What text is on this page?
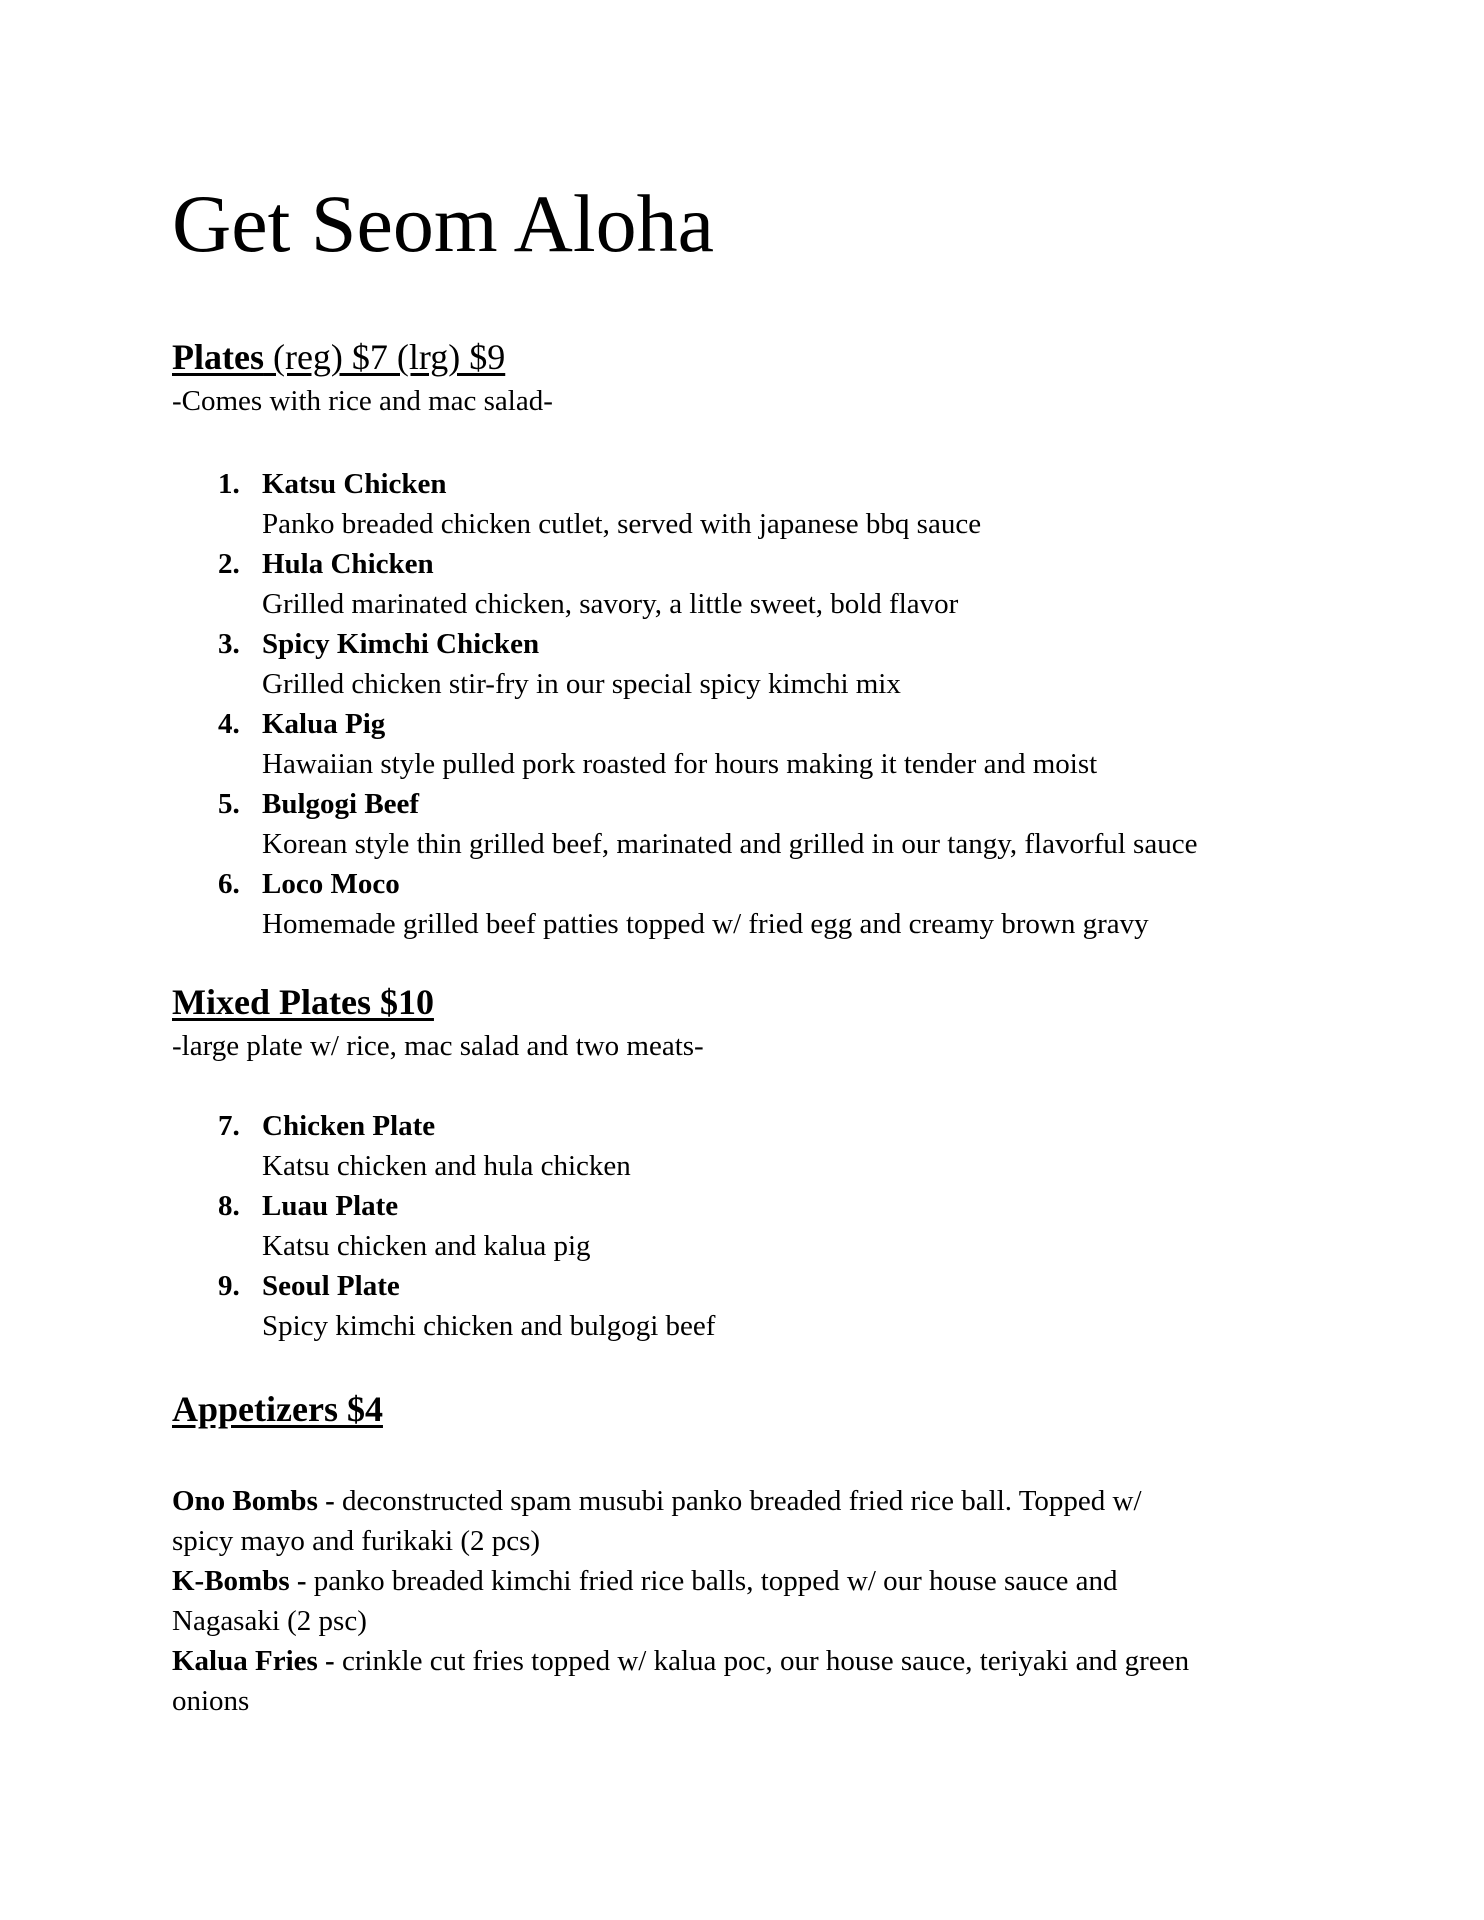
Get Seom Aloha
Plates (reg) $7 (lrg) $9

-Comes with rice and mac salad-

1. Katsu Chicken
Panko breaded chicken cutlet, served with japanese bbq sauce
2. Hula Chicken
Grilled marinated chicken, savory, a little sweet, bold flavor
3. Spicy Kimchi Chicken
Grilled chicken stir-fry in our special spicy kimchi mix
4. Kalua Pig
Hawaiian style pulled pork roasted for hours making it tender and moist
5. Bulgogi Beef
Korean style thin grilled beef, marinated and grilled in our tangy, flavorful sauce
6. Loco Moco
Homemade grilled beef patties topped w/ fried egg and creamy brown gravy
Mixed Plates $10

-large plate w/ rice, mac salad and two meats-

7. Chicken Plate
Katsu chicken and hula chicken
8. Luau Plate
Katsu chicken and kalua pig
9. Seoul Plate
Spicy kimchi chicken and bulgogi beef
Appetizers $4

Ono Bombs - deconstructed spam musubi panko breaded fried rice ball. Topped w/
spicy mayo and furikaki (2 pcs)

K-Bombs - panko breaded kimchi fried rice balls, topped w/ our house sauce and
Nagasaki (2 psc)

Kalua Fries - crinkle cut fries topped w/ kalua poc, our house sauce, teriyaki and green
onions
